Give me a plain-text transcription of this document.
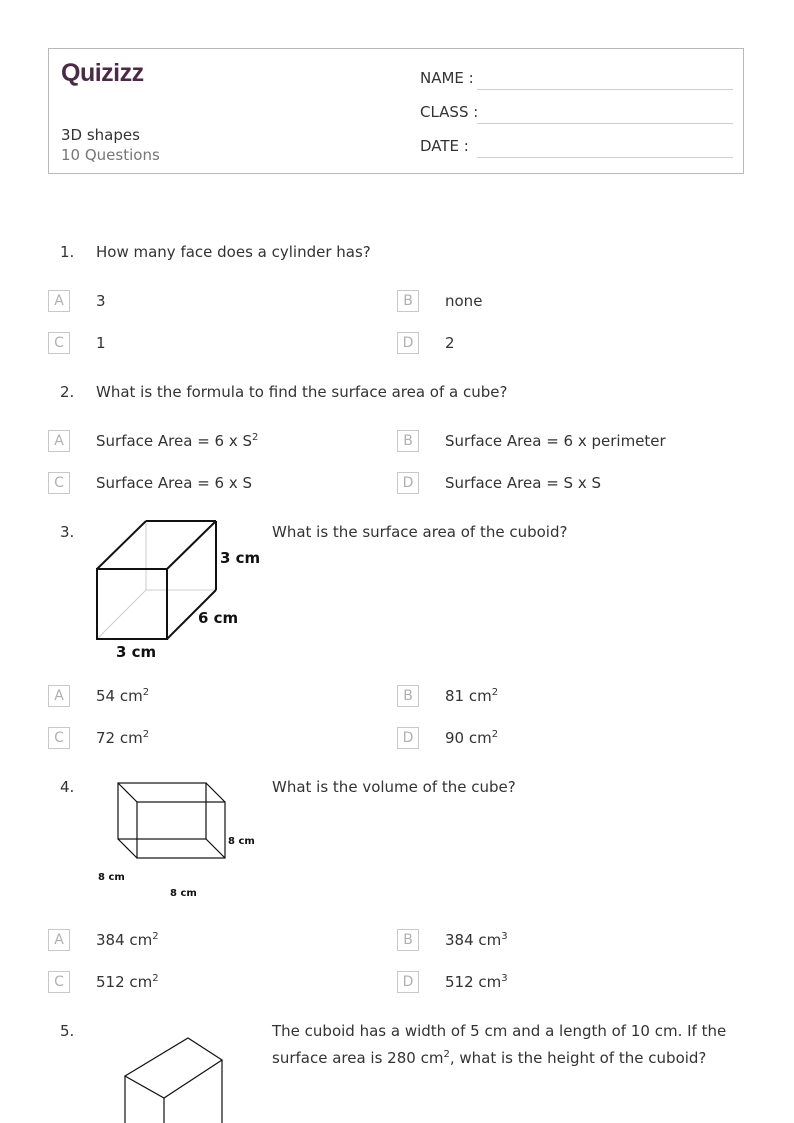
Quizizz
3D shapes
10 Questions
NAME :
CLASS :
DATE :
1. How many face does a cylinder has?
A	3	B	none
C	1	D	2
2. What is the formula to find the surface area of a cube?
A	Surface Area = 6 x $S^2$	B	Surface Area = 6 x perimeter
C	Surface Area = 6 x S	D	Surface Area = S x S
3.
3 cm
6 cm
3 cm
What is the surface area of the cuboid?
A	54 $cm^2$	B	81 $cm^2$
C	72 $cm^2$	D	90 $cm^2$
4.
8 cm
8 cm
8 cm
What is the volume of the cube?
A	384 $cm^2$	B	384 $cm^3$
C	512 $cm^2$	D	512 $cm^3$
5.	The cuboid has a width of 5 cm and a length of 10 cm. If the
surface area is 280 $cm^2$, what is the height of the cuboid?
